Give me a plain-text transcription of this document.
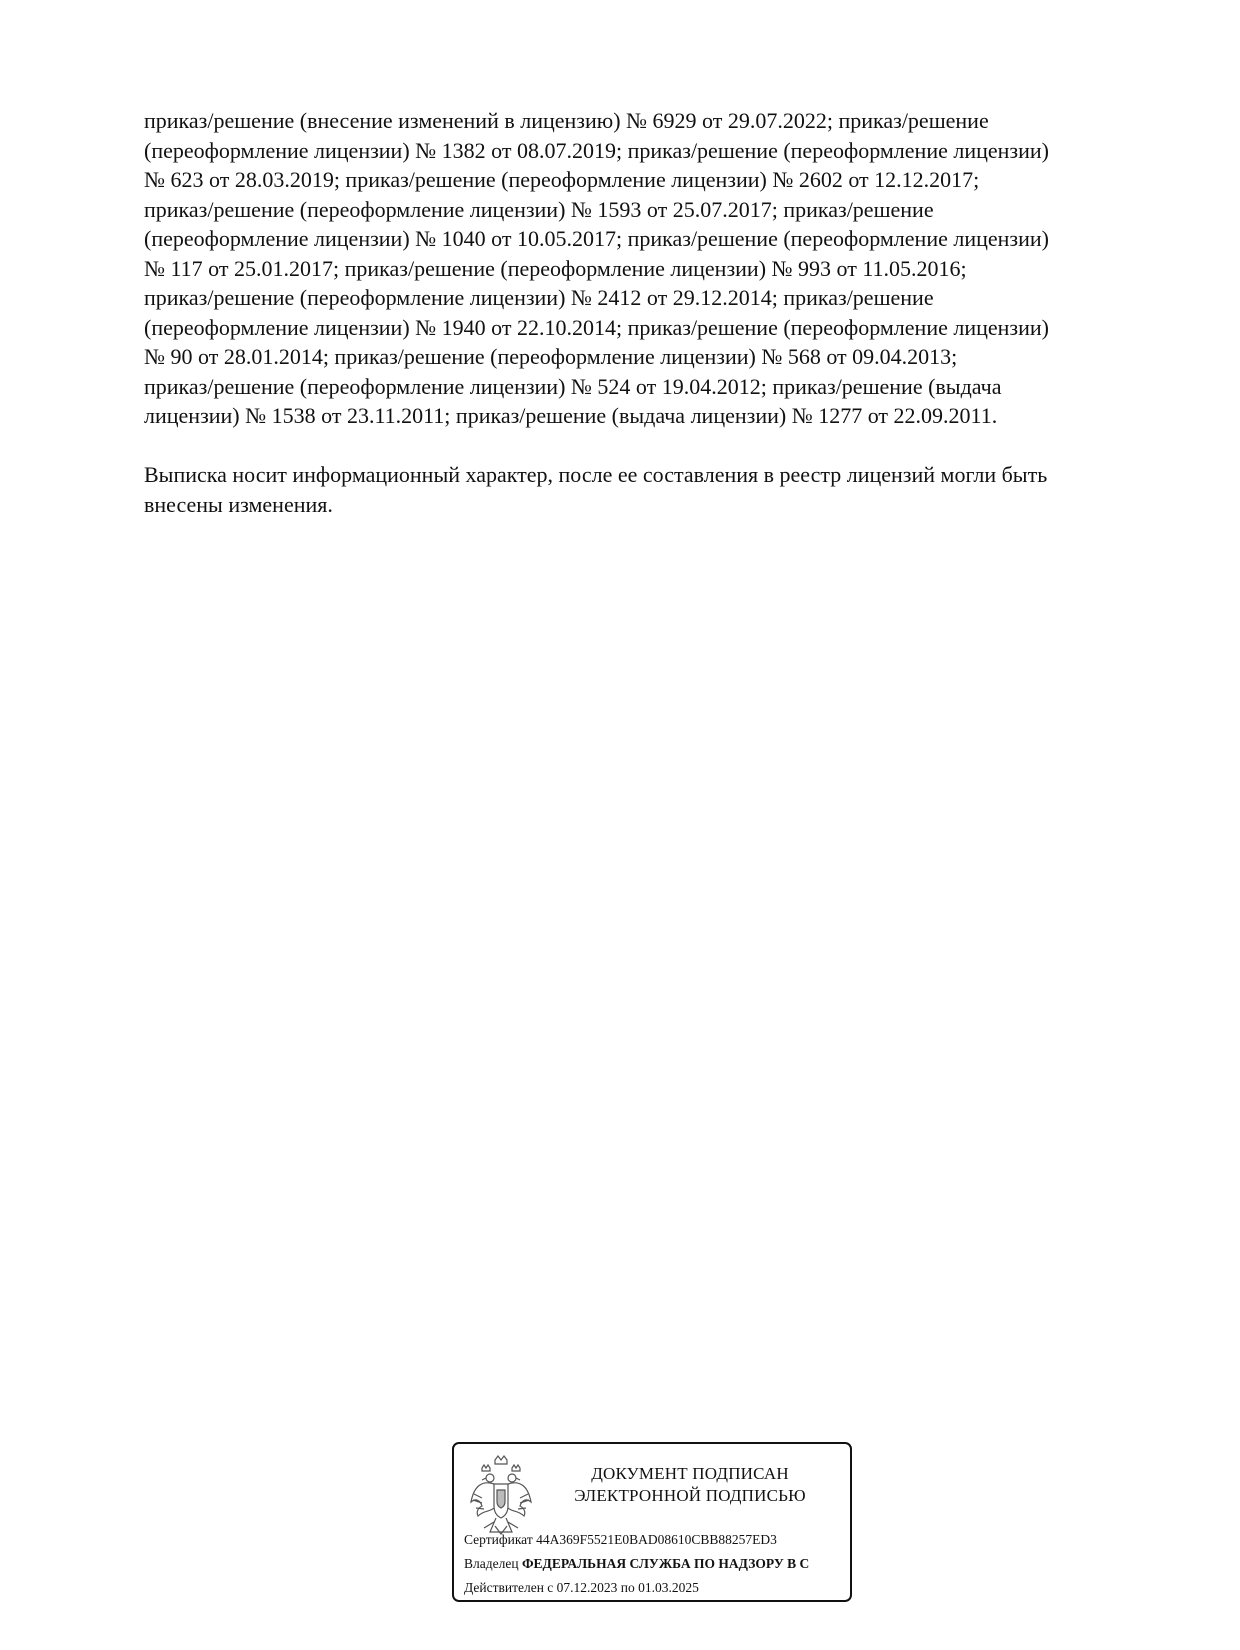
приказ/решение (внесение изменений в лицензию) № 6929 от 29.07.2022; приказ/решение
(переоформление лицензии) № 1382 от 08.07.2019; приказ/решение (переоформление лицензии)
№ 623 от 28.03.2019; приказ/решение (переоформление лицензии) № 2602 от 12.12.2017;
приказ/решение (переоформление лицензии) № 1593 от 25.07.2017; приказ/решение
(переоформление лицензии) № 1040 от 10.05.2017; приказ/решение (переоформление лицензии)
№ 117 от 25.01.2017; приказ/решение (переоформление лицензии) № 993 от 11.05.2016;
приказ/решение (переоформление лицензии) № 2412 от 29.12.2014; приказ/решение
(переоформление лицензии) № 1940 от 22.10.2014; приказ/решение (переоформление лицензии)
№ 90 от 28.01.2014; приказ/решение (переоформление лицензии) № 568 от 09.04.2013;
приказ/решение (переоформление лицензии) № 524 от 19.04.2012; приказ/решение (выдача
лицензии) № 1538 от 23.11.2011; приказ/решение (выдача лицензии) № 1277 от 22.09.2011.

Выписка носит информационный характер, после ее составления в реестр лицензий могли быть
внесены изменения.

ДОКУМЕНТ ПОДПИСАН
ЭЛЕКТРОННОЙ ПОДПИСЬЮ
Сертификат 44A369F5521E0BAD08610CBB88257ED3
Владелец ФЕДЕРАЛЬНАЯ СЛУЖБА ПО НАДЗОРУ В С
Действителен с 07.12.2023 по 01.03.2025
